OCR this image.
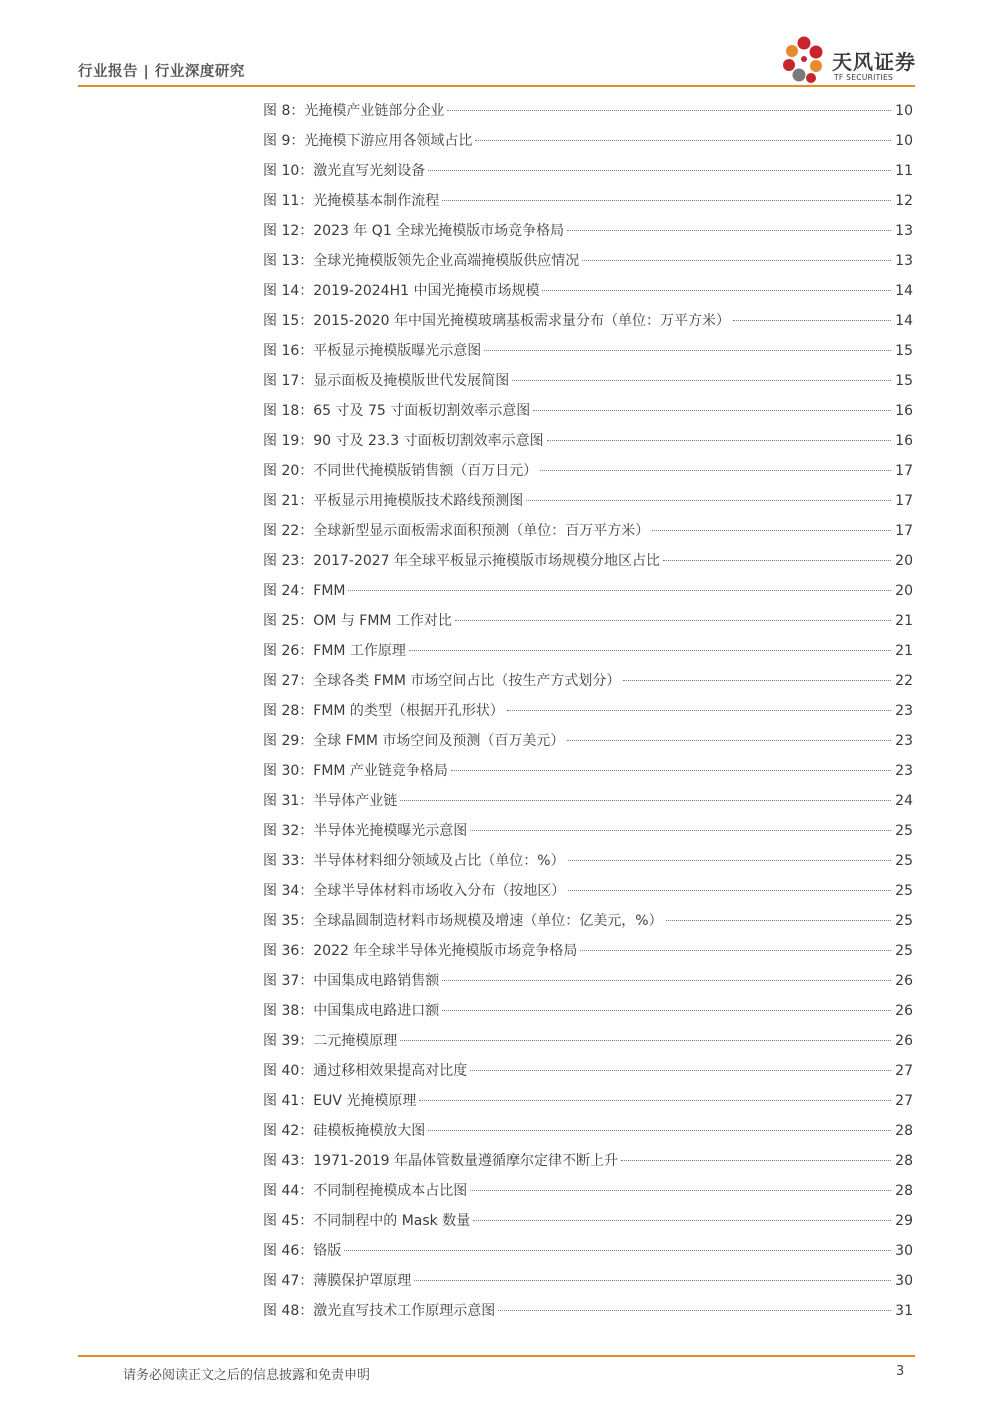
行业报告 | 行业深度研究	天风证券
TF SECURITIES
图 8：光掩模产业链部分企业	10
图 9：光掩模下游应用各领域占比	10
图 10：激光直写光刻设备	11
图 11：光掩模基本制作流程	12
图 12：2023 年 Q1 全球光掩模版市场竞争格局	13
图 13：全球光掩模版领先企业高端掩模版供应情况	13
图 14：2019-2024H1 中国光掩模市场规模	14
图 15：2015-2020 年中国光掩模玻璃基板需求量分布（单位：万平方米）	14
图 16：平板显示掩模版曝光示意图	15
图 17：显示面板及掩模版世代发展简图	15
图 18：65 寸及 75 寸面板切割效率示意图	16
图 19：90 寸及 23.3 寸面板切割效率示意图	16
图 20：不同世代掩模版销售额（百万日元）	17
图 21：平板显示用掩模版技术路线预测图	17
图 22：全球新型显示面板需求面积预测（单位：百万平方米）	17
图 23：2017-2027 年全球平板显示掩模版市场规模分地区占比	20
图 24：FMM	20
图 25：OM 与 FMM 工作对比	21
图 26：FMM 工作原理	21
图 27：全球各类 FMM 市场空间占比（按生产方式划分）	22
图 28：FMM 的类型（根据开孔形状）	23
图 29：全球 FMM 市场空间及预测（百万美元）	23
图 30：FMM 产业链竞争格局	23
图 31：半导体产业链	24
图 32：半导体光掩模曝光示意图	25
图 33：半导体材料细分领域及占比（单位：%）	25
图 34：全球半导体材料市场收入分布（按地区）	25
图 35：全球晶圆制造材料市场规模及增速（单位：亿美元，%）	25
图 36：2022 年全球半导体光掩模版市场竞争格局	25
图 37：中国集成电路销售额	26
图 38：中国集成电路进口额	26
图 39：二元掩模原理	26
图 40：通过移相效果提高对比度	27
图 41：EUV 光掩模原理	27
图 42：硅模板掩模放大图	28
图 43：1971-2019 年晶体管数量遵循摩尔定律不断上升	28
图 44：不同制程掩模成本占比图	28
图 45：不同制程中的 Mask 数量	29
图 46：铬版	30
图 47：薄膜保护罩原理	30
图 48：激光直写技术工作原理示意图	31
请务必阅读正文之后的信息披露和免责申明	3
